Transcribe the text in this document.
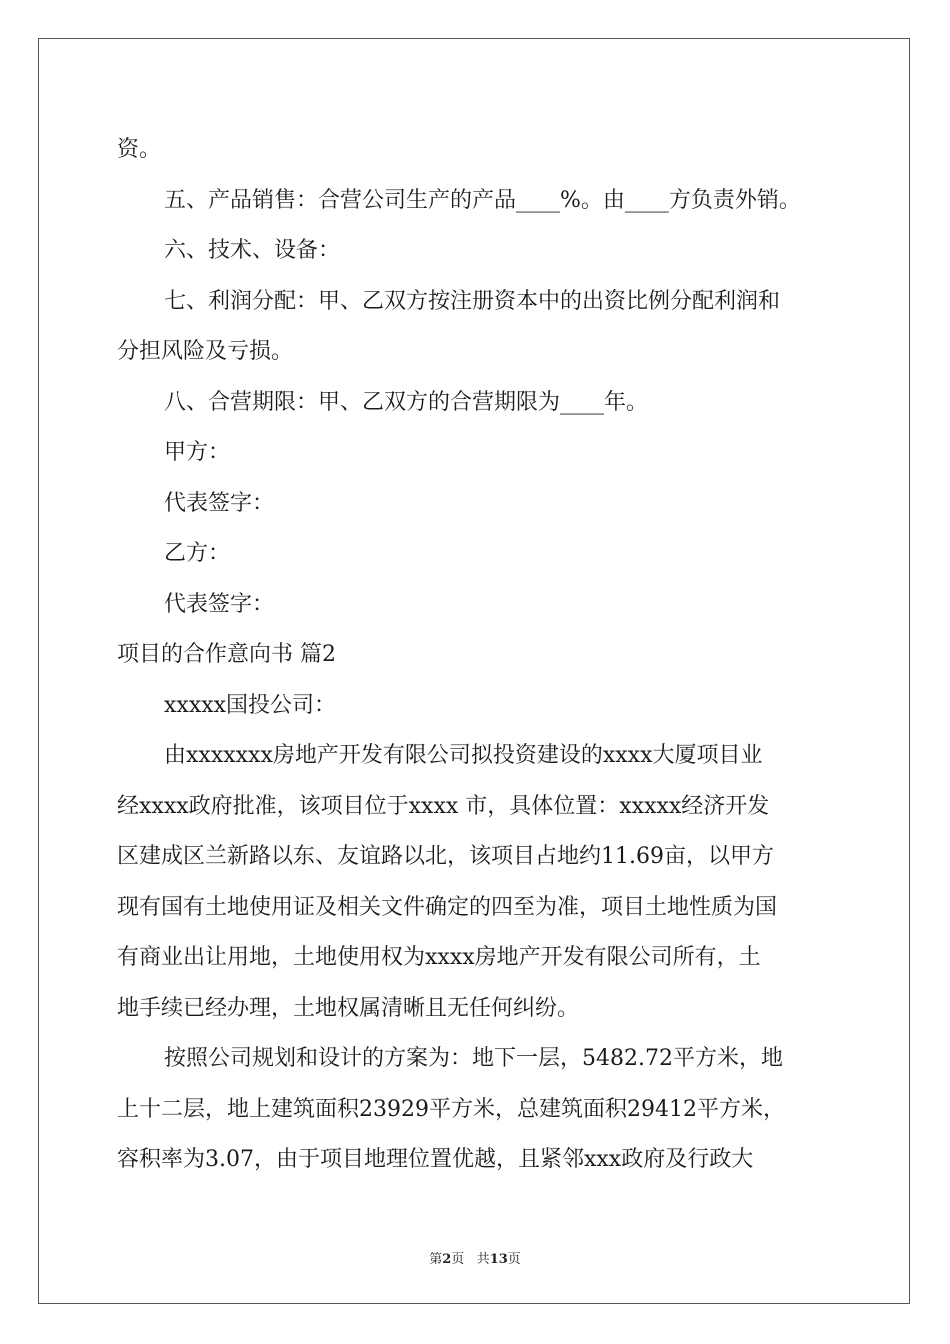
资。
五、产品销售：合营公司生产的产品____%。由____方负责外销。
六、技术、设备：
七、利润分配：甲、乙双方按注册资本中的出资比例分配利润和
分担风险及亏损。
八、合营期限：甲、乙双方的合营期限为____年。
甲方：
代表签字：
乙方：
代表签字：
项目的合作意向书 篇2
xxxxx国投公司：
由xxxxxxx房地产开发有限公司拟投资建设的xxxx大厦项目业
经xxxx政府批准，该项目位于xxxx 市，具体位置：xxxxx经济开发
区建成区兰新路以东、友谊路以北，该项目占地约11.69亩，以甲方
现有国有土地使用证及相关文件确定的四至为准，项目土地性质为国
有商业出让用地，土地使用权为xxxx房地产开发有限公司所有，土
地手续已经办理，土地权属清晰且无任何纠纷。
按照公司规划和设计的方案为：地下一层，5482.72平方米，地
上十二层，地上建筑面积23929平方米，总建筑面积29412平方米，
容积率为3.07，由于项目地理位置优越，且紧邻xxx政府及行政大
第2页 共13页
